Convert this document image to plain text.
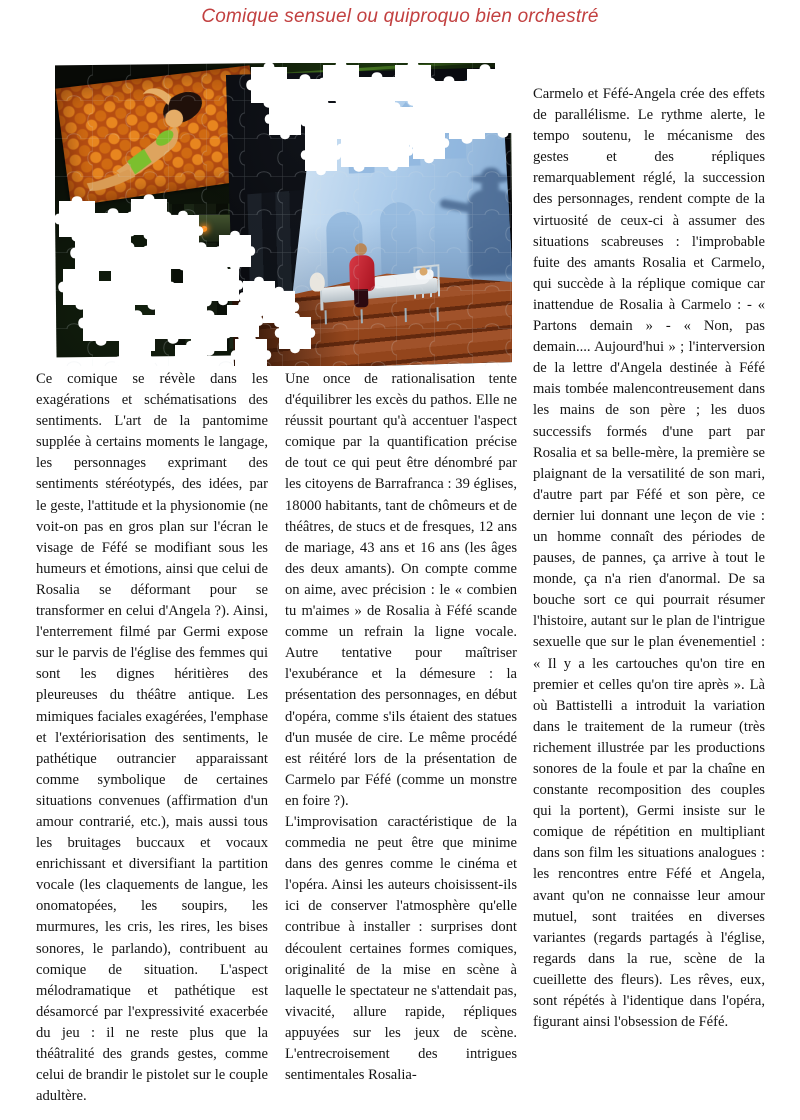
Comique sensuel ou quiproquo bien orchestré

Ce comique se révèle dans les exagérations et schématisations des sentiments. L'art de la pantomime supplée à certains moments le langage, les personnages exprimant des sentiments stéréotypés, des idées, par le geste, l'attitude et la physionomie (ne voit-on pas en gros plan sur l'écran le visage de Féfé se modifiant sous les humeurs et émotions, ainsi que celui de Rosalia se déformant pour se transformer en celui d'Angela ?). Ainsi, l'enterrement filmé par Germi expose sur le parvis de l'église des femmes qui sont les dignes héritières des pleureuses du théâtre antique. Les mimiques faciales exagérées, l'emphase et l'extériorisation des sentiments, le pathétique outrancier apparaissant comme symbolique de certaines situations convenues (affirmation d'un amour contrarié, etc.), mais aussi tous les bruitages buccaux et vocaux enrichissant et diversifiant la partition vocale (les claquements de langue, les onomatopées, les soupirs, les murmures, les cris, les rires, les bises sonores, le parlando), contribuent au comique de situation. L'aspect mélodramatique et pathétique est désamorcé par l'expressivité exacerbée du jeu : il ne reste plus que la théâtralité des grands gestes, comme celui de brandir le pistolet sur le couple adultère.

Une once de rationalisation tente d'équilibrer les excès du pathos. Elle ne réussit pourtant qu'à accentuer l'aspect comique par la quantification précise de tout ce qui peut être dénombré par les citoyens de Barrafranca : 39 églises, 18000 habitants, tant de chômeurs et de théâtres, de stucs et de fresques, 12 ans de mariage, 43 ans et 16 ans (les âges des deux amants). On compte comme on aime, avec précision : le « combien tu m'aimes » de Rosalia à Féfé scande comme un refrain la ligne vocale. Autre tentative pour maîtriser l'exubérance et la démesure : la présentation des personnages, en début d'opéra, comme s'ils étaient des statues d'un musée de cire. Le même procédé est réitéré lors de la présentation de Carmelo par Féfé (comme un monstre en foire ?).

L'improvisation caractéristique de la commedia ne peut être que minime dans des genres comme le cinéma et l'opéra. Ainsi les auteurs choisissent-ils ici de conserver l'atmosphère qu'elle contribue à installer : surprises dont découlent certaines formes comiques, originalité de la mise en scène à laquelle le spectateur ne s'attendait pas, vivacité, allure rapide, répliques appuyées sur les jeux de scène. L'entrecroisement des intrigues sentimentales Rosalia-

Carmelo et Féfé-Angela crée des effets de parallélisme. Le rythme alerte, le tempo soutenu, le mécanisme des gestes et des répliques remarquablement réglé, la succession des personnages, rendent compte de la virtuosité de ceux-ci à assumer des situations scabreuses : l'improbable fuite des amants Rosalia et Carmelo, qui succède à la réplique comique car inattendue de Rosalia à Carmelo : - « Partons demain » - « Non, pas demain.... Aujourd'hui » ; l'interversion de la lettre d'Angela destinée à Féfé mais tombée malencontreusement dans les mains de son père ; les duos successifs formés d'une part par Rosalia et sa belle-mère, la première se plaignant de la versatilité de son mari, d'autre part par Féfé et son père, ce dernier lui donnant une leçon de vie : un homme connaît des périodes de pauses, de pannes, ça arrive à tout le monde, ça n'a rien d'anormal. De sa bouche sort ce qui pourrait résumer l'histoire, autant sur le plan de l'intrigue sexuelle que sur le plan évenementiel : « Il y a les cartouches qu'on tire en premier et celles qu'on tire après ». Là où Battistelli a introduit la variation dans le traitement de la rumeur (très richement illustrée par les productions sonores de la foule et par la chaîne en constante recomposition des couples qui la portent), Germi insiste sur le comique de répétition en multipliant dans son film les situations analogues : les rencontres entre Féfé et Angela, avant qu'on ne connaisse leur amour mutuel, sont traitées en diverses variantes (regards partagés à l'église, regards dans la rue, scène de la cueillette des fleurs). Les rêves, eux, sont répétés à l'identique dans l'opéra, figurant ainsi l'obsession de Féfé.
